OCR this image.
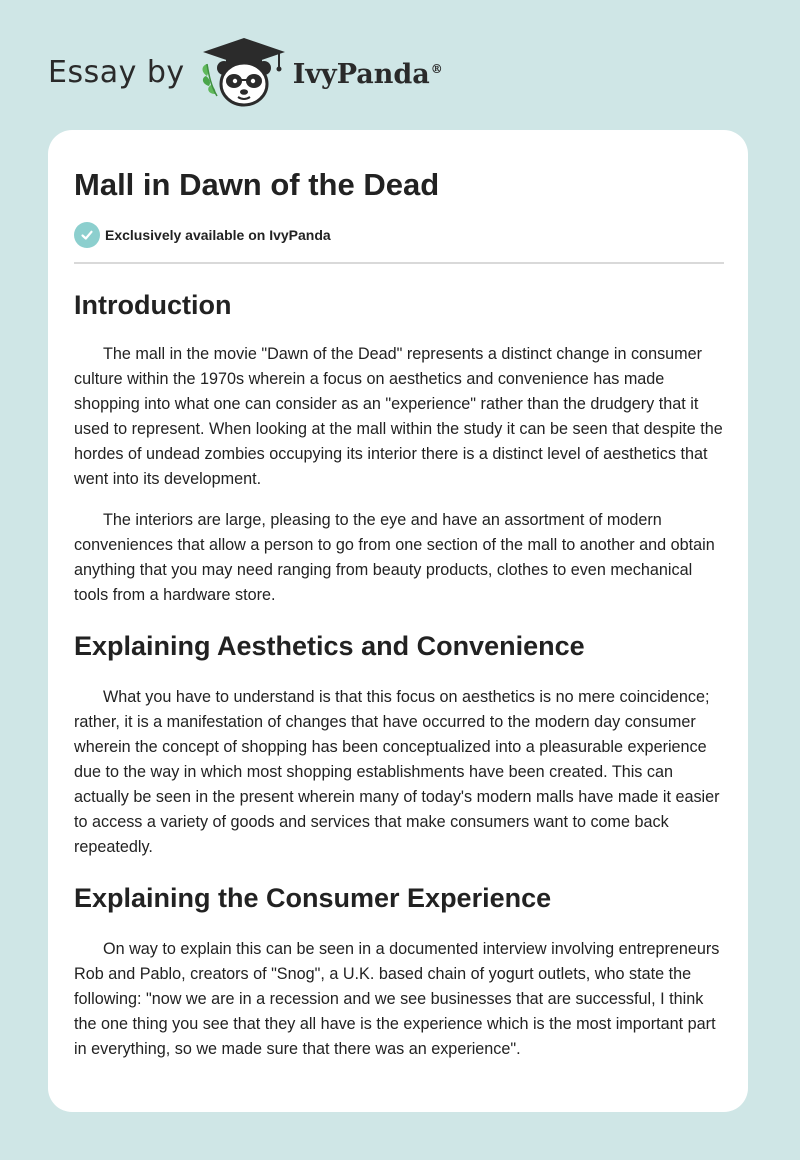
Essay by	IvyPanda®
Mall in Dawn of the Dead
Exclusively available on IvyPanda
Introduction

The mall in the movie "Dawn of the Dead" represents a distinct change in consumer culture within the 1970s wherein a focus on aesthetics and convenience has made shopping into what one can consider as an "experience" rather than the drudgery that it used to represent. When looking at the mall within the study it can be seen that despite the hordes of undead zombies occupying its interior there is a distinct level of aesthetics that went into its development.

The interiors are large, pleasing to the eye and have an assortment of modern conveniences that allow a person to go from one section of the mall to another and obtain anything that you may need ranging from beauty products, clothes to even mechanical tools from a hardware store.

Explaining Aesthetics and Convenience

What you have to understand is that this focus on aesthetics is no mere coincidence; rather, it is a manifestation of changes that have occurred to the modern day consumer wherein the concept of shopping has been conceptualized into a pleasurable experience due to the way in which most shopping establishments have been created. This can actually be seen in the present wherein many of today's modern malls have made it easier to access a variety of goods and services that make consumers want to come back repeatedly.

Explaining the Consumer Experience

On way to explain this can be seen in a documented interview involving entrepreneurs Rob and Pablo, creators of "Snog", a U.K. based chain of yogurt outlets, who state the following: "now we are in a recession and we see businesses that are successful, I think the one thing you see that they all have is the experience which is the most important part in everything, so we made sure that there was an experience".
